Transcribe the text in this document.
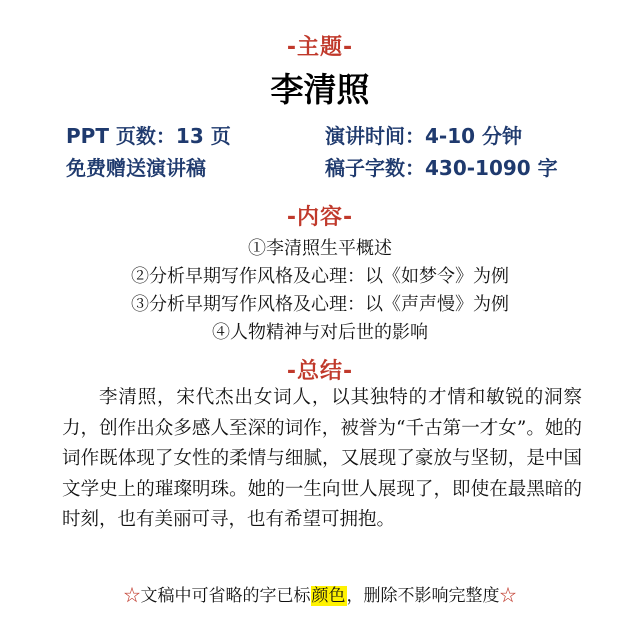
-主题-
李清照
PPT 页数：13 页	演讲时间：4-10 分钟
免费赠送演讲稿	稿子字数：430-1090 字
-内容-
①李清照生平概述
②分析早期写作风格及心理：以《如梦令》为例
③分析早期写作风格及心理：以《声声慢》为例
④人物精神与对后世的影响
-总结-
李清照，宋代杰出女词人，以其独特的才情和敏锐的洞察力，创作出众多感人至深的词作，被誉为“千古第一才女”。她的词作既体现了女性的柔情与细腻，又展现了豪放与坚韧，是中国文学史上的璀璨明珠。她的一生向世人展现了，即使在最黑暗的时刻，也有美丽可寻，也有希望可拥抱。
☆文稿中可省略的字已标颜色，删除不影响完整度☆
